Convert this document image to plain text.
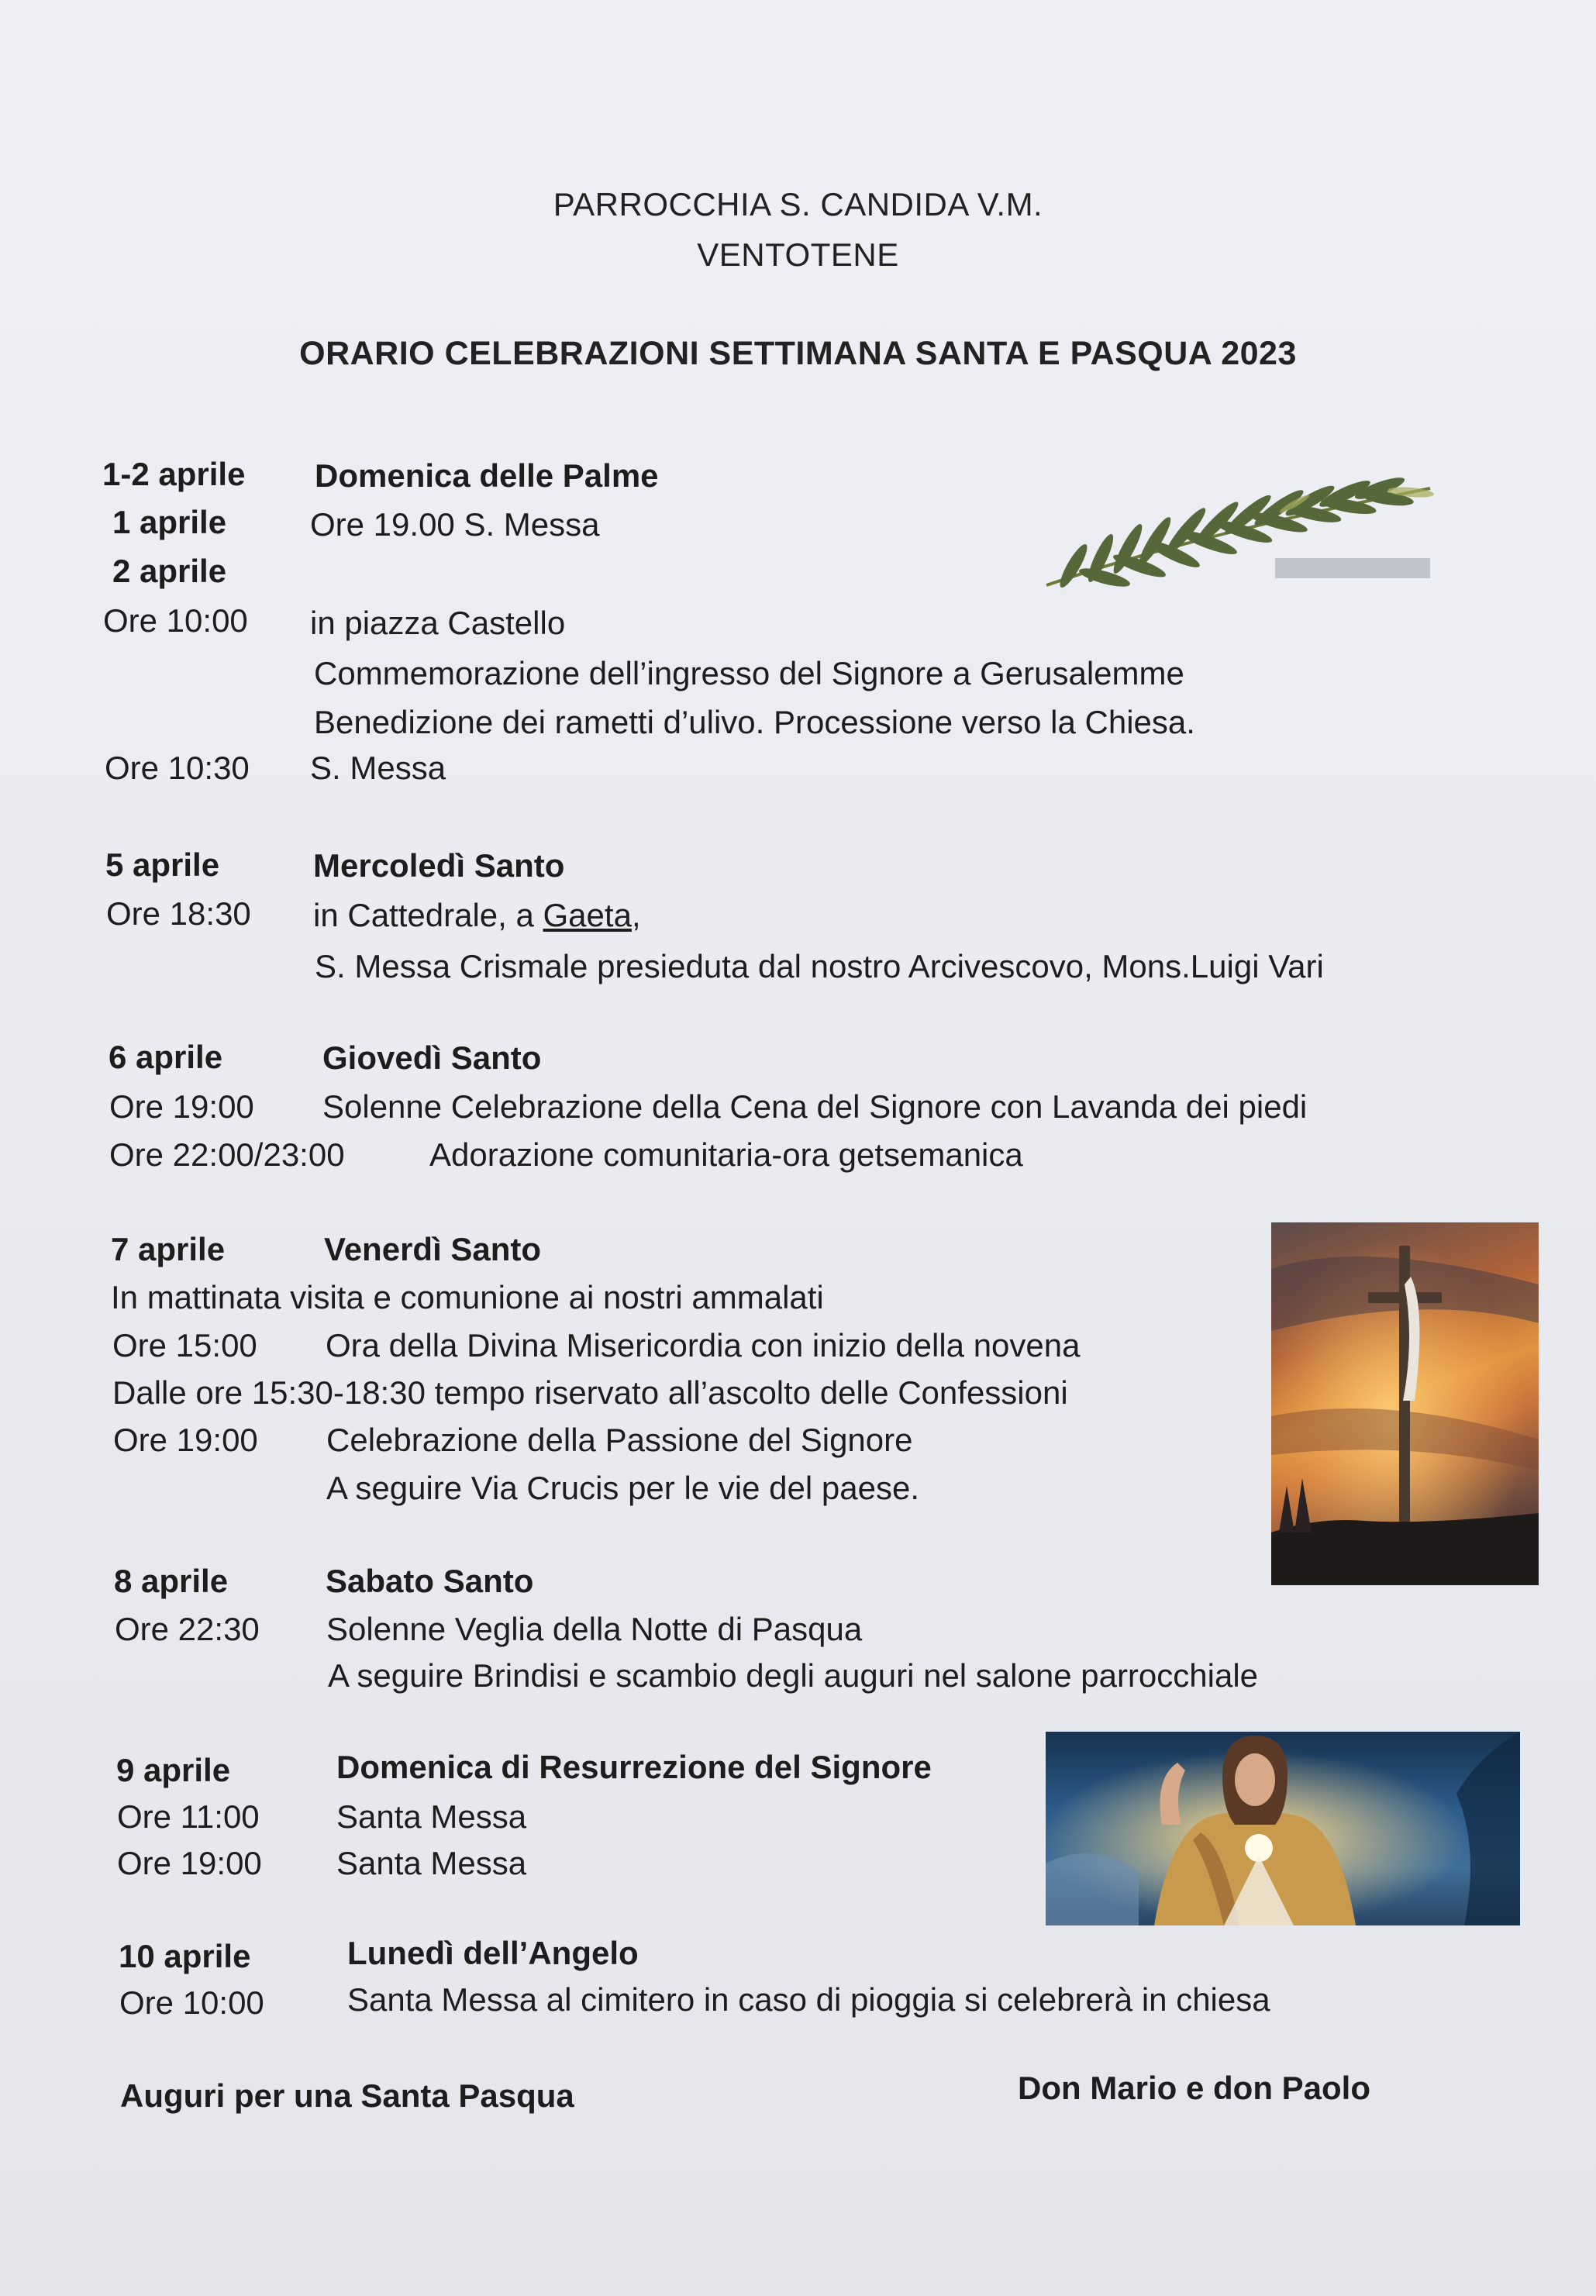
PARROCCHIA S. CANDIDA V.M.
VENTOTENE
ORARIO CELEBRAZIONI SETTIMANA SANTA E PASQUA 2023
1-2 aprile Domenica delle Palme
1 aprile	Ore 19.00 S. Messa
2 aprile
Ore 10:00 in piazza Castello
Commemorazione dell’ingresso del Signore a Gerusalemme
Benedizione dei rametti d’ulivo. Processione verso la Chiesa.
Ore 10:30 S. Messa
5 aprile	Mercoledì Santo
Ore 18:30 in Cattedrale, a Gaeta,
S. Messa Crismale presieduta dal nostro Arcivescovo, Mons.Luigi Vari
6 aprile	Giovedì Santo
Ore 19:00 Solenne Celebrazione della Cena del Signore con Lavanda dei piedi
Ore 22:00/23:00	Adorazione comunitaria-ora getsemanica
7 aprile	Venerdì Santo
In mattinata visita e comunione ai nostri ammalati
Ore 15:00 Ora della Divina Misericordia con inizio della novena
Dalle ore 15:30-18:30 tempo riservato all’ascolto delle Confessioni
Ore 19:00 Celebrazione della Passione del Signore
A seguire Via Crucis per le vie del paese.
8 aprile	Sabato Santo
Ore 22:30 Solenne Veglia della Notte di Pasqua
A seguire Brindisi e scambio degli auguri nel salone parrocchiale
9 aprile	Domenica di Resurrezione del Signore
Ore 11:00 Santa Messa
Ore 19:00 Santa Messa
10 aprile	Lunedì dell’Angelo
Ore 10:00	Santa Messa al cimitero in caso di pioggia si celebrerà in chiesa
Auguri per una Santa Pasqua	Don Mario e don Paolo
